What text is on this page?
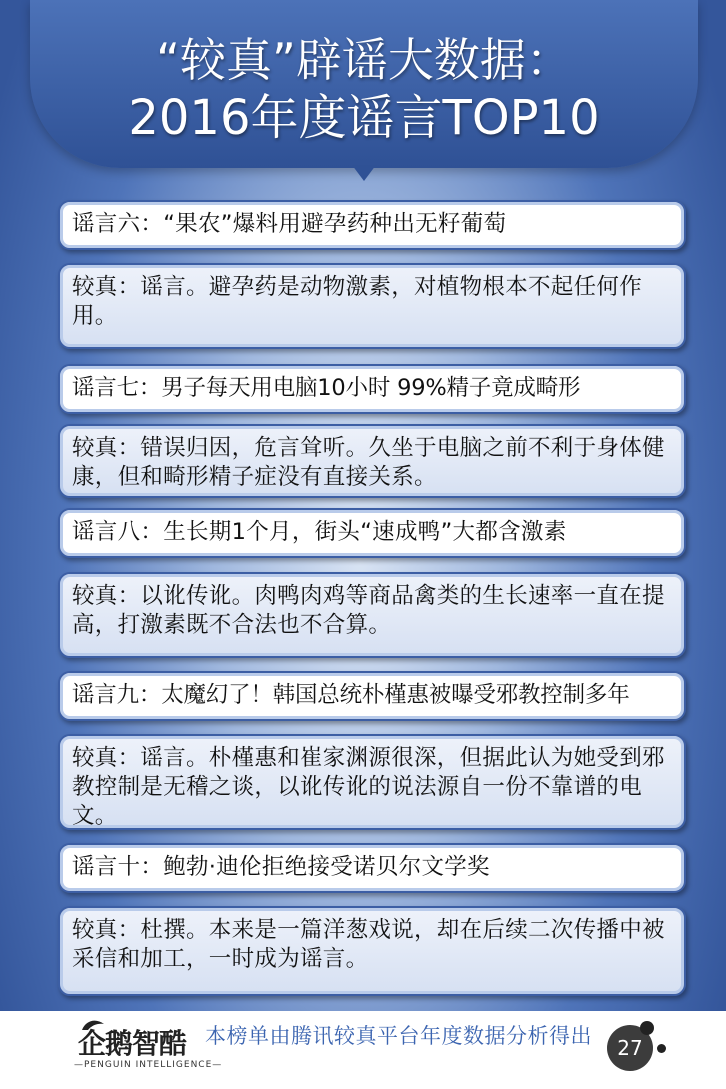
“较真”辟谣大数据：
2016年度谣言TOP10
谣言六：“果农”爆料用避孕药种出无籽葡萄
较真：谣言。避孕药是动物激素，对植物根本不起任何作用。
谣言七：男子每天用电脑10小时 99%精子竟成畸形
较真：错误归因，危言耸听。久坐于电脑之前不利于身体健康，但和畸形精子症没有直接关系。
谣言八：生长期1个月，街头“速成鸭”大都含激素
较真：以讹传讹。肉鸭肉鸡等商品禽类的生长速率一直在提高，打激素既不合法也不合算。
谣言九：太魔幻了！韩国总统朴槿惠被曝受邪教控制多年
较真：谣言。朴槿惠和崔家渊源很深，但据此认为她受到邪教控制是无稽之谈，以讹传讹的说法源自一份不靠谱的电文。
谣言十：鲍勃·迪伦拒绝接受诺贝尔文学奖
较真：杜撰。本来是一篇洋葱戏说，却在后续二次传播中被采信和加工，一时成为谣言。
企鹅智酷
—PENGUIN INTELLIGENCE—
本榜单由腾讯较真平台年度数据分析得出	27
